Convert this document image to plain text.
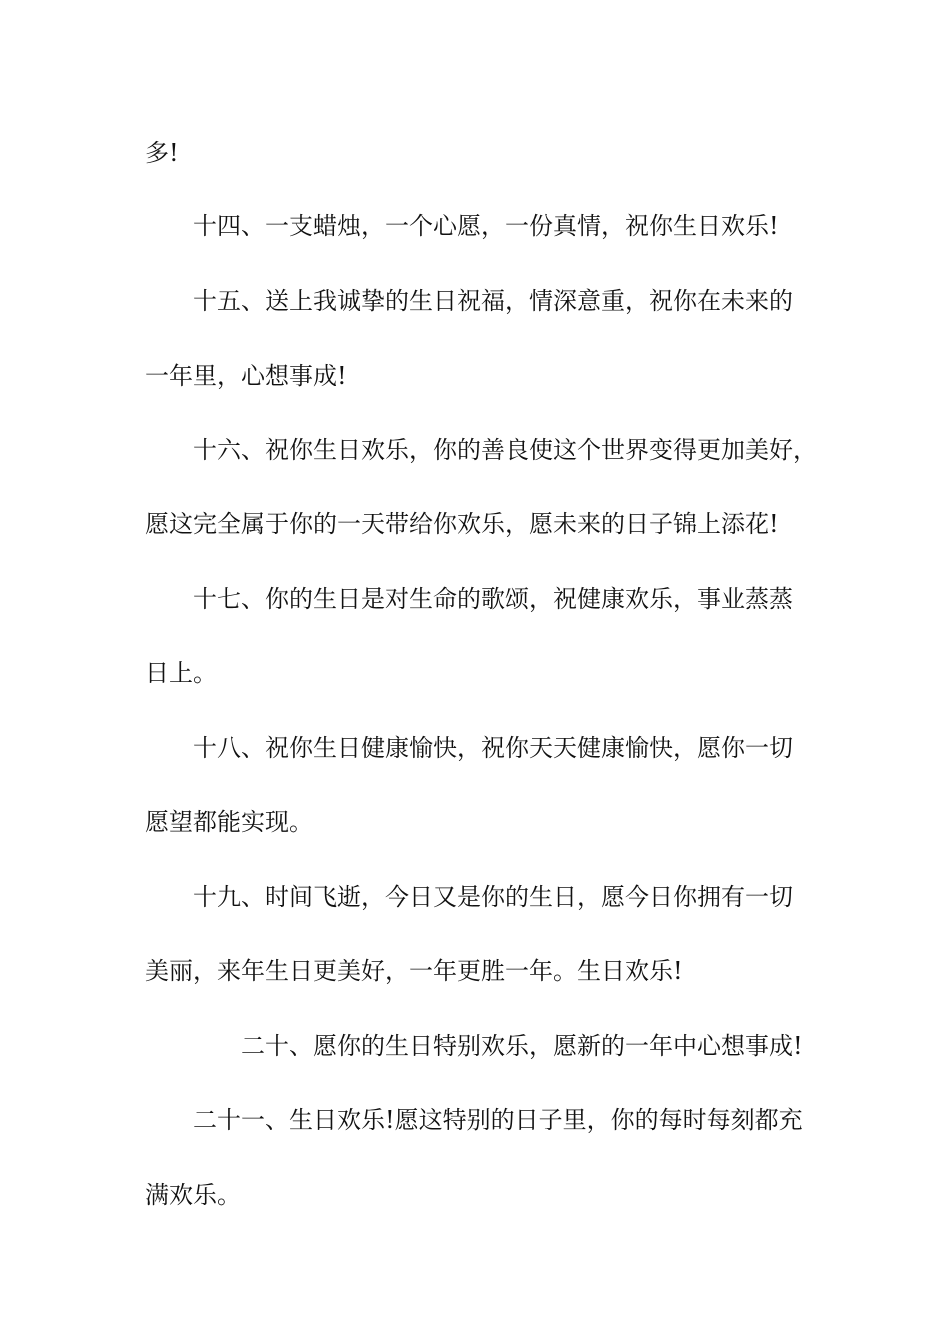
多!

十四、一支蜡烛，一个心愿，一份真情，祝你生日欢乐!

十五、送上我诚挚的生日祝福，情深意重，祝你在未来的

一年里，心想事成!

十六、祝你生日欢乐，你的善良使这个世界变得更加美好，

愿这完全属于你的一天带给你欢乐，愿未来的日子锦上添花!

十七、你的生日是对生命的歌颂，祝健康欢乐，事业蒸蒸

日上。

十八、祝你生日健康愉快，祝你天天健康愉快，愿你一切

愿望都能实现。

十九、时间飞逝，今日又是你的生日，愿今日你拥有一切

美丽，来年生日更美好，一年更胜一年。生日欢乐!

二十、愿你的生日特别欢乐，愿新的一年中心想事成!

二十一、生日欢乐!愿这特别的日子里，你的每时每刻都充

满欢乐。
